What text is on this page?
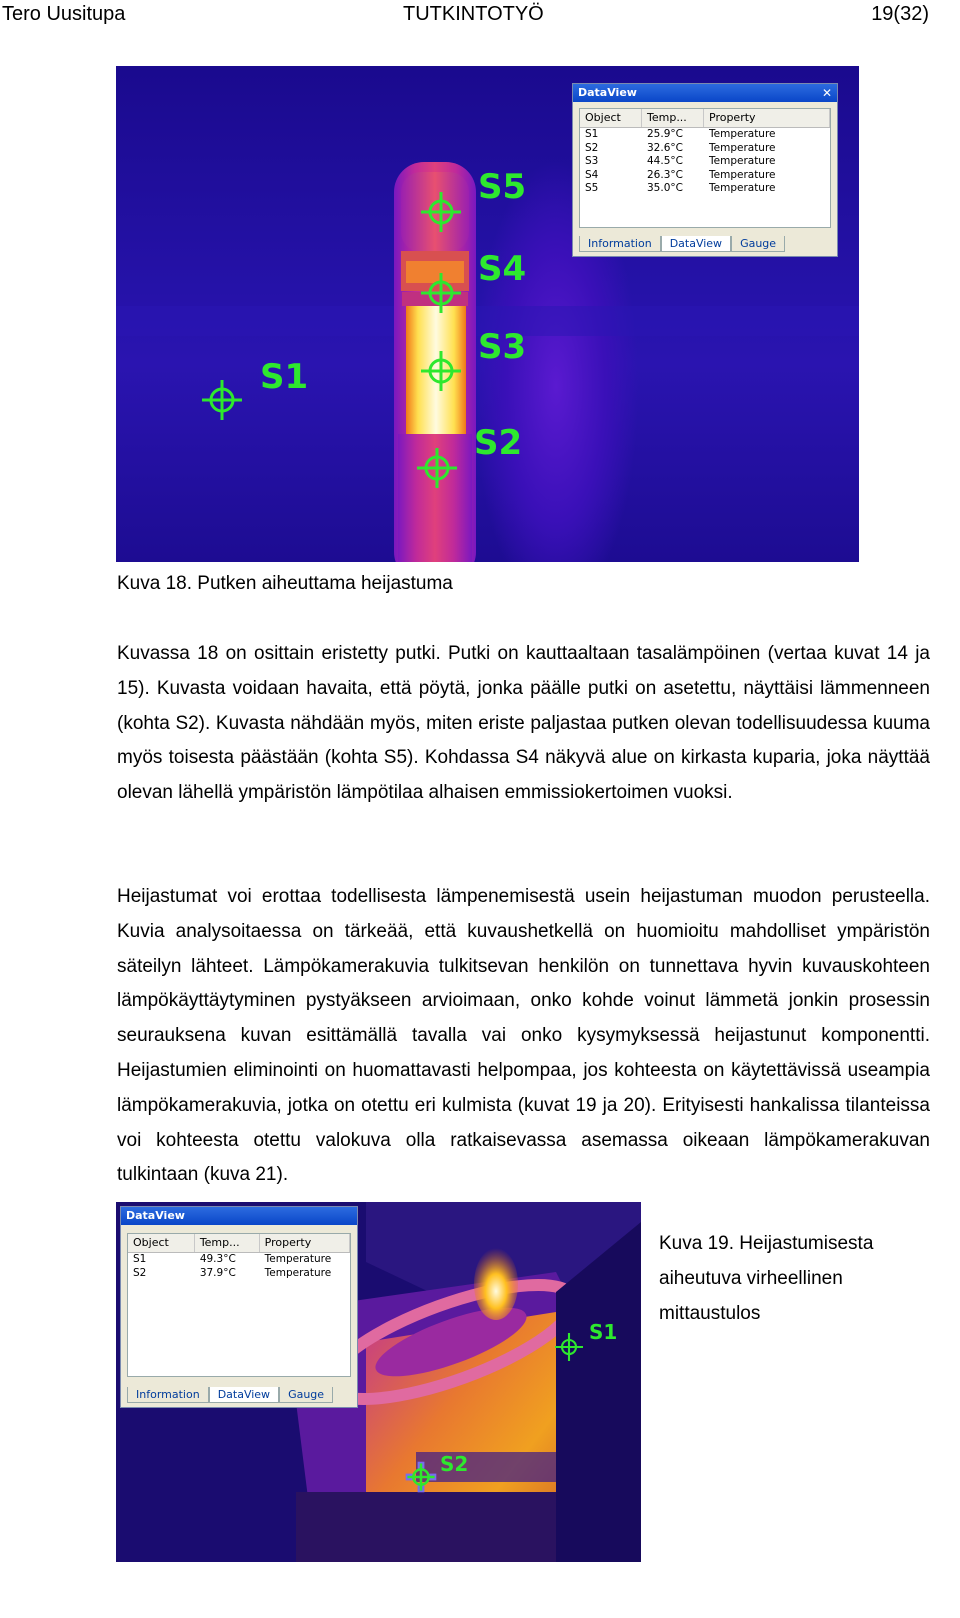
Tero Uusitupa	TUTKINTOTYÖ	19(32)
S1
S2
S3
S4
S5
DataView	✕
Object	Temp...	Property
S1	25.9°C	Temperature
S2	32.6°C	Temperature
S3	44.5°C	Temperature
S4	26.3°C	Temperature
S5	35.0°C	Temperature
Information	DataView	Gauge
Kuva 18. Putken aiheuttama heijastuma
Kuvassa 18 on osittain eristetty putki. Putki on kauttaaltaan tasalämpöinen (vertaa kuvat 14 ja 15). Kuvasta voidaan havaita, että pöytä, jonka päälle putki on asetettu, näyttäisi lämmenneen (kohta S2). Kuvasta nähdään myös, miten eriste paljastaa putken olevan todellisuudessa kuuma myös toisesta päästään (kohta S5). Kohdassa S4 näkyvä alue on kirkasta kuparia, joka näyttää olevan lähellä ympäristön lämpötilaa alhaisen emmissiokertoimen vuoksi.
Heijastumat voi erottaa todellisesta lämpenemisestä usein heijastuman muodon perusteella. Kuvia analysoitaessa on tärkeää, että kuvaushetkellä on huomioitu mahdolliset ympäristön säteilyn lähteet. Lämpökamerakuvia tulkitsevan henkilön on tunnettava hyvin kuvauskohteen lämpökäyttäytyminen pystyäkseen arvioimaan, onko kohde voinut lämmetä jonkin prosessin seurauksena kuvan esittämällä tavalla vai onko kysymyksessä heijastunut komponentti. Heijastumien eliminointi on huomattavasti helpompaa, jos kohteesta on käytettävissä useampia lämpökamerakuvia, jotka on otettu eri kulmista (kuvat 19 ja 20). Erityisesti hankalissa tilanteissa voi kohteesta otettu valokuva olla ratkaisevassa asemassa oikeaan lämpökamerakuvan tulkintaan (kuva 21).
S1
S2
DataView
Object	Temp...	Property
S1	49.3°C	Temperature
S2	37.9°C	Temperature
Information	DataView	Gauge
Kuva 19. Heijastumisesta
aiheutuva virheellinen
mittaustulos
